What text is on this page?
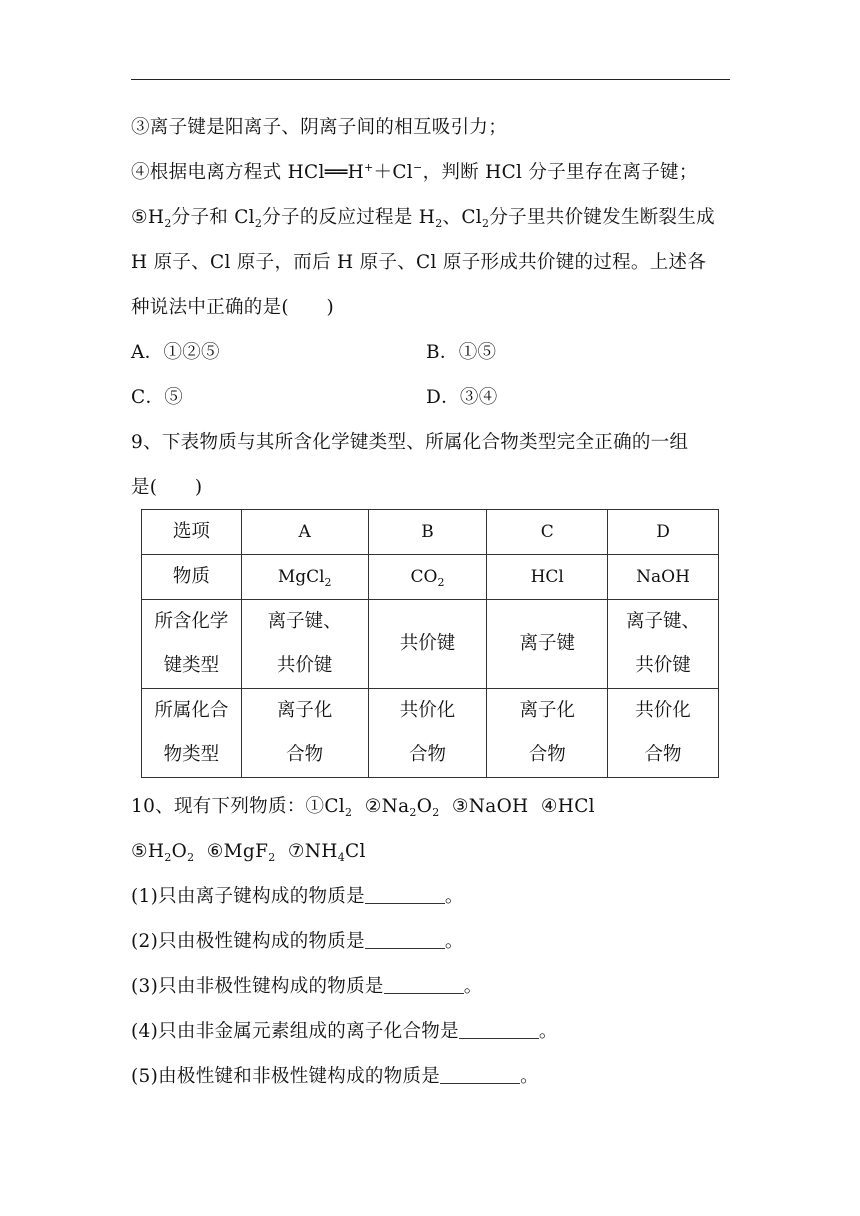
③离子键是阳离子、阴离子间的相互吸引力；
④根据电离方程式 HCl══H+＋Cl−，判断 HCl 分子里存在离子键；
$⑤H_2$分子和 $Cl_2$分子的反应过程是 $H_2$、$Cl_2$分子里共价键发生断裂生成
H 原子、Cl 原子，而后 H 原子、Cl 原子形成共价键的过程。上述各
种说法中正确的是(　　)
A．①②⑤	B．①⑤
C．⑤	D．③④
9、下表物质与其所含化学键类型、所属化合物类型完全正确的一组
是(　　)
选项	A	B	C	D
物质	MgCl$_2$	$CO_2$	HCl	NaOH

所含化学
键类型	离子键、
共价键	共价键	离子键	离子键、
共价键

所属化合
物类型	离子化
合物	共价化
合物	离子化
合物	共价化
合物
10、现有下列物质：$①Cl_2$ $②Na_2O_2$ ③NaOH ④HCl
$⑤H_2O_2$ ⑥MgF$_2$ $⑦NH_4Cl$
(1)只由离子键构成的物质是	。
(2)只由极性键构成的物质是	。
(3)只由非极性键构成的物质是	。
(4)只由非金属元素组成的离子化合物是	。
(5)由极性键和非极性键构成的物质是	。
